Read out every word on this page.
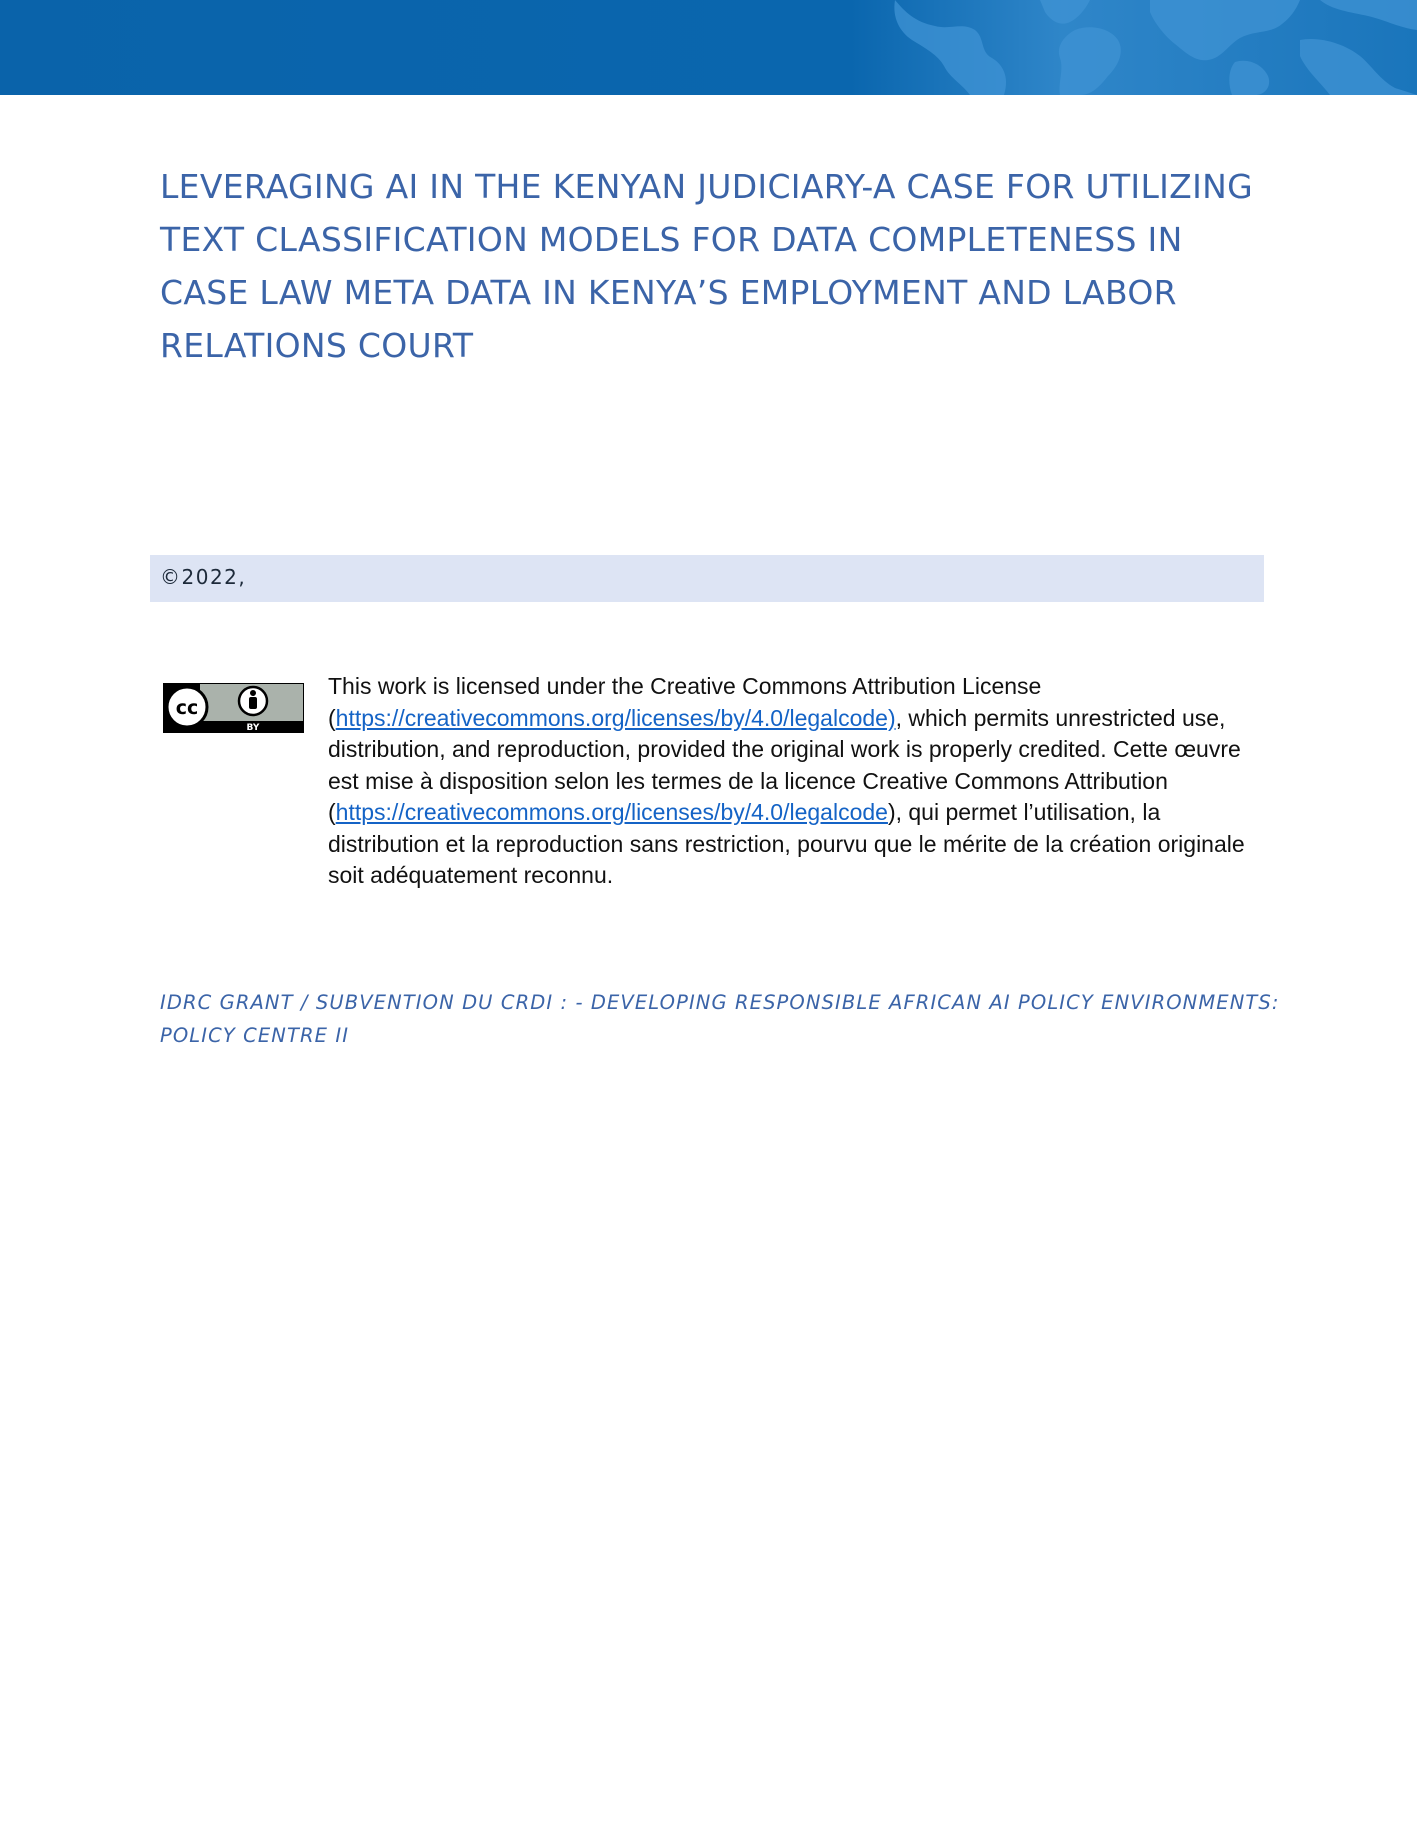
LEVERAGING AI IN THE KENYAN JUDICIARY-A CASE FOR UTILIZING TEXT CLASSIFICATION MODELS FOR DATA COMPLETENESS IN CASE LAW META DATA IN KENYA’S EMPLOYMENT AND LABOR RELATIONS COURT
©2022,
cc
BY

This work is licensed under the Creative Commons Attribution License (https://creativecommons.org/licenses/by/4.0/legalcode), which permits unrestricted use, distribution, and reproduction, provided the original work is properly credited. Cette œuvre est mise à disposition selon les termes de la licence Creative Commons Attribution (https://creativecommons.org/licenses/by/4.0/legalcode), qui permet l’utilisation, la distribution et la reproduction sans restriction, pourvu que le mérite de la création originale soit adéquatement reconnu.

IDRC GRANT / SUBVENTION DU CRDI : - DEVELOPING RESPONSIBLE AFRICAN AI POLICY ENVIRONMENTS: POLICY CENTRE II
